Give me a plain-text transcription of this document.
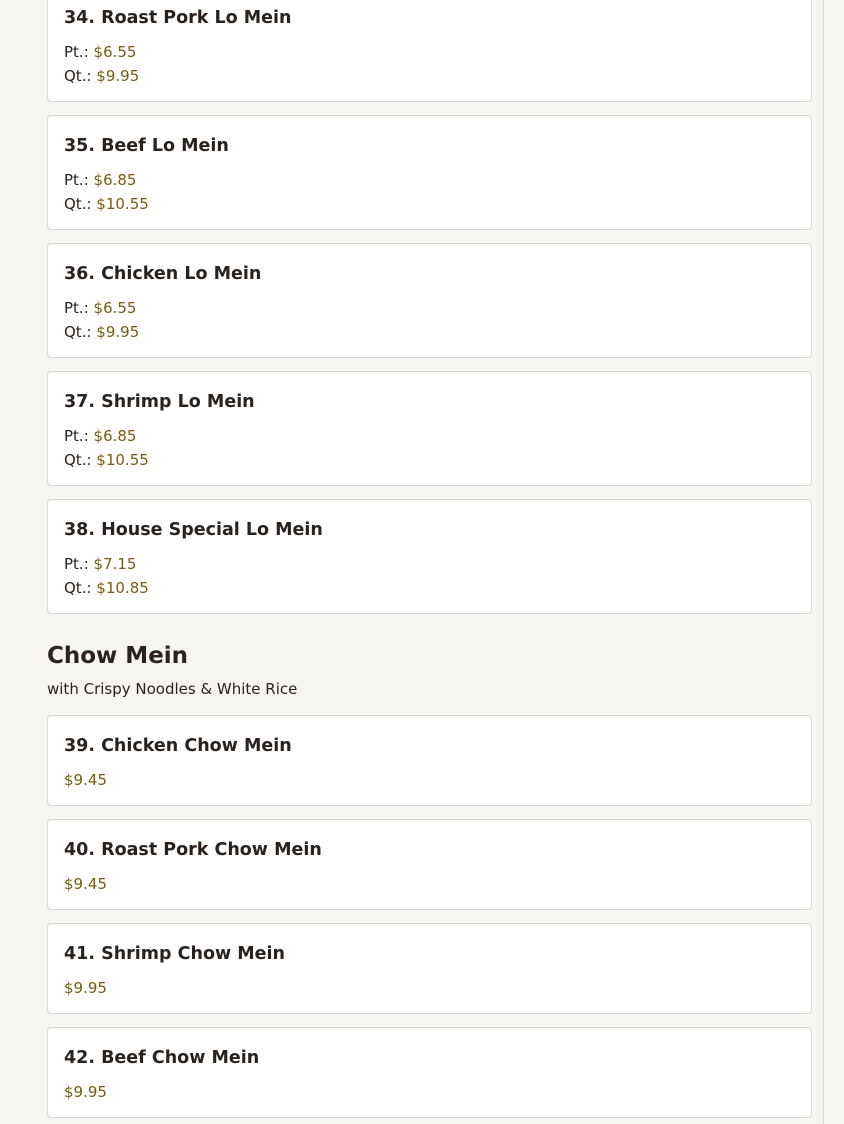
34. Roast Pork Lo Mein
Pt.: $6.55
Qt.: $9.95
35. Beef Lo Mein
Pt.: $6.85
Qt.: $10.55
36. Chicken Lo Mein
Pt.: $6.55
Qt.: $9.95
37. Shrimp Lo Mein
Pt.: $6.85
Qt.: $10.55
38. House Special Lo Mein
Pt.: $7.15
Qt.: $10.85
Chow Mein
with Crispy Noodles & White Rice
39. Chicken Chow Mein
$9.45
40. Roast Pork Chow Mein
$9.45
41. Shrimp Chow Mein
$9.95
42. Beef Chow Mein
$9.95
